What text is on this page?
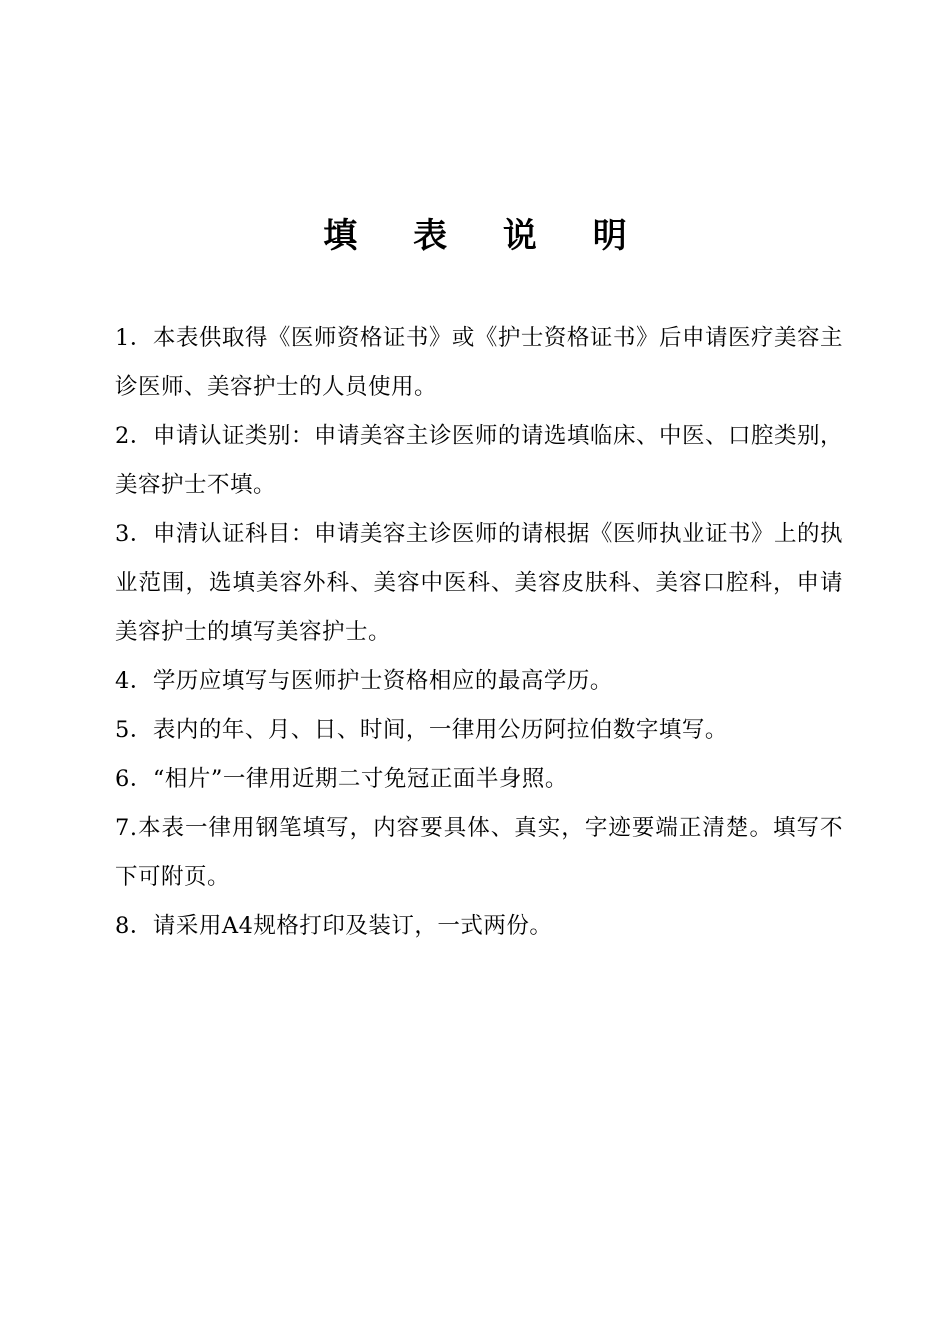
填 表 说 明

1．本表供取得《医师资格证书》或《护士资格证书》后申请医疗美容主诊医师、美容护士的人员使用。

2．申请认证类别：申请美容主诊医师的请选填临床、中医、口腔类别，美容护士不填。

3．申清认证科目：申请美容主诊医师的请根据《医师执业证书》上的执业范围，选填美容外科、美容中医科、美容皮肤科、美容口腔科，申请美容护士的填写美容护士。

4．学历应填写与医师护士资格相应的最高学历。

5．表内的年、月、日、时间，一律用公历阿拉伯数字填写。

6．“相片”一律用近期二寸免冠正面半身照。

7.本表一律用钢笔填写，内容要具体、真实，字迹要端正清楚。填写不下可附页。

8．请采用A4规格打印及装订，一式两份。
